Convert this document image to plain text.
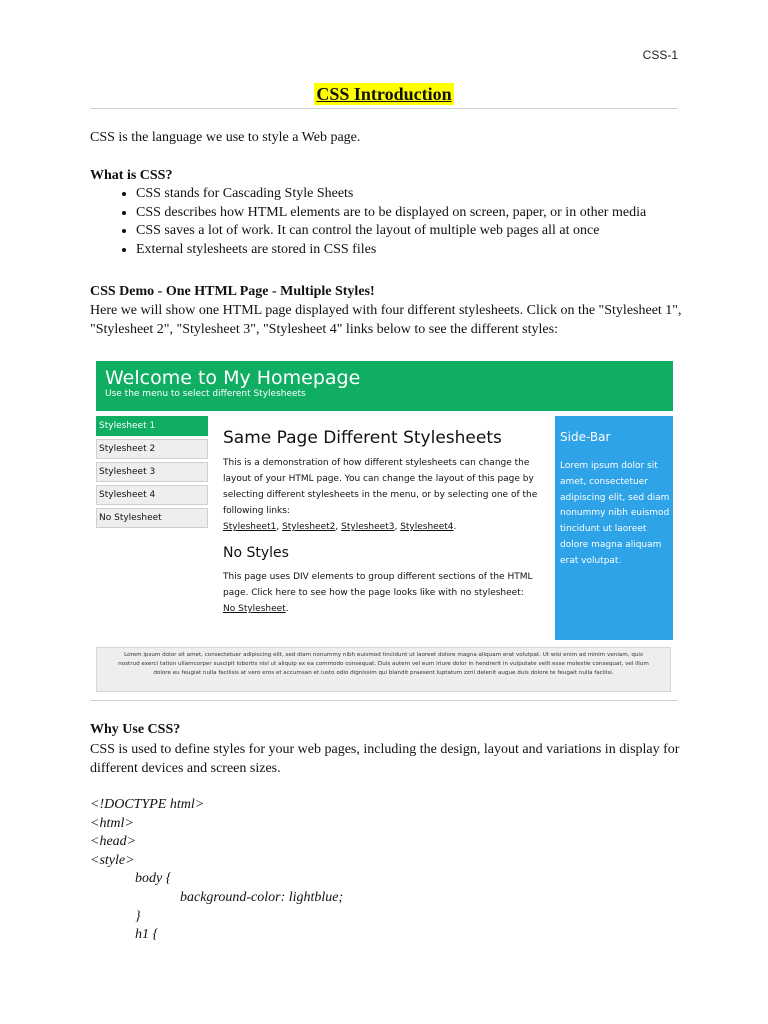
CSS-1
CSS Introduction
CSS is the language we use to style a Web page.
What is CSS?
• CSS stands for Cascading Style Sheets
• CSS describes how HTML elements are to be displayed on screen, paper, or in other media
• CSS saves a lot of work. It can control the layout of multiple web pages all at once
• External stylesheets are stored in CSS files
CSS Demo - One HTML Page - Multiple Styles!
Here we will show one HTML page displayed with four different stylesheets. Click on the "Stylesheet 1", "Stylesheet 2", "Stylesheet 3", "Stylesheet 4" links below to see the different styles:
Welcome to My Homepage
Use the menu to select different Stylesheets
Stylesheet 1
Stylesheet 2
Stylesheet 3
Stylesheet 4
No Stylesheet
Same Page Different Stylesheets

This is a demonstration of how different stylesheets can change the layout of your HTML page. You can change the layout of this page by selecting different stylesheets in the menu, or by selecting one of the following links:
Stylesheet1, Stylesheet2, Stylesheet3, Stylesheet4.

No Styles

This page uses DIV elements to group different sections of the HTML page. Click here to see how the page looks like with no stylesheet:
No Stylesheet.

Side-Bar
Lorem ipsum dolor sit amet, consectetuer adipiscing elit, sed diam nonummy nibh euismod tincidunt ut laoreet dolore magna aliquam erat volutpat.
Lorem ipsum dolor sit amet, consectetuer adipiscing elit, sed diam nonummy nibh euismod tincidunt ut laoreet dolore magna aliquam erat volutpat. Ut wisi enim ad minim veniam, quis nostrud exerci tation ullamcorper suscipit lobortis nisl ut aliquip ex ea commodo consequat. Duis autem vel eum iriure dolor in hendrerit in vulputate velit esse molestie consequat, vel illum dolore eu feugiat nulla facilisis at vero eros et accumsan et iusto odio dignissim qui blandit praesent luptatum zzril delenit augue duis dolore te feugait nulla facilisi.
Why Use CSS?
CSS is used to define styles for your web pages, including the design, layout and variations in display for different devices and screen sizes.
<!DOCTYPE html>
<html>
<head>
<style>
body {
background-color: lightblue;
}
h1 {
